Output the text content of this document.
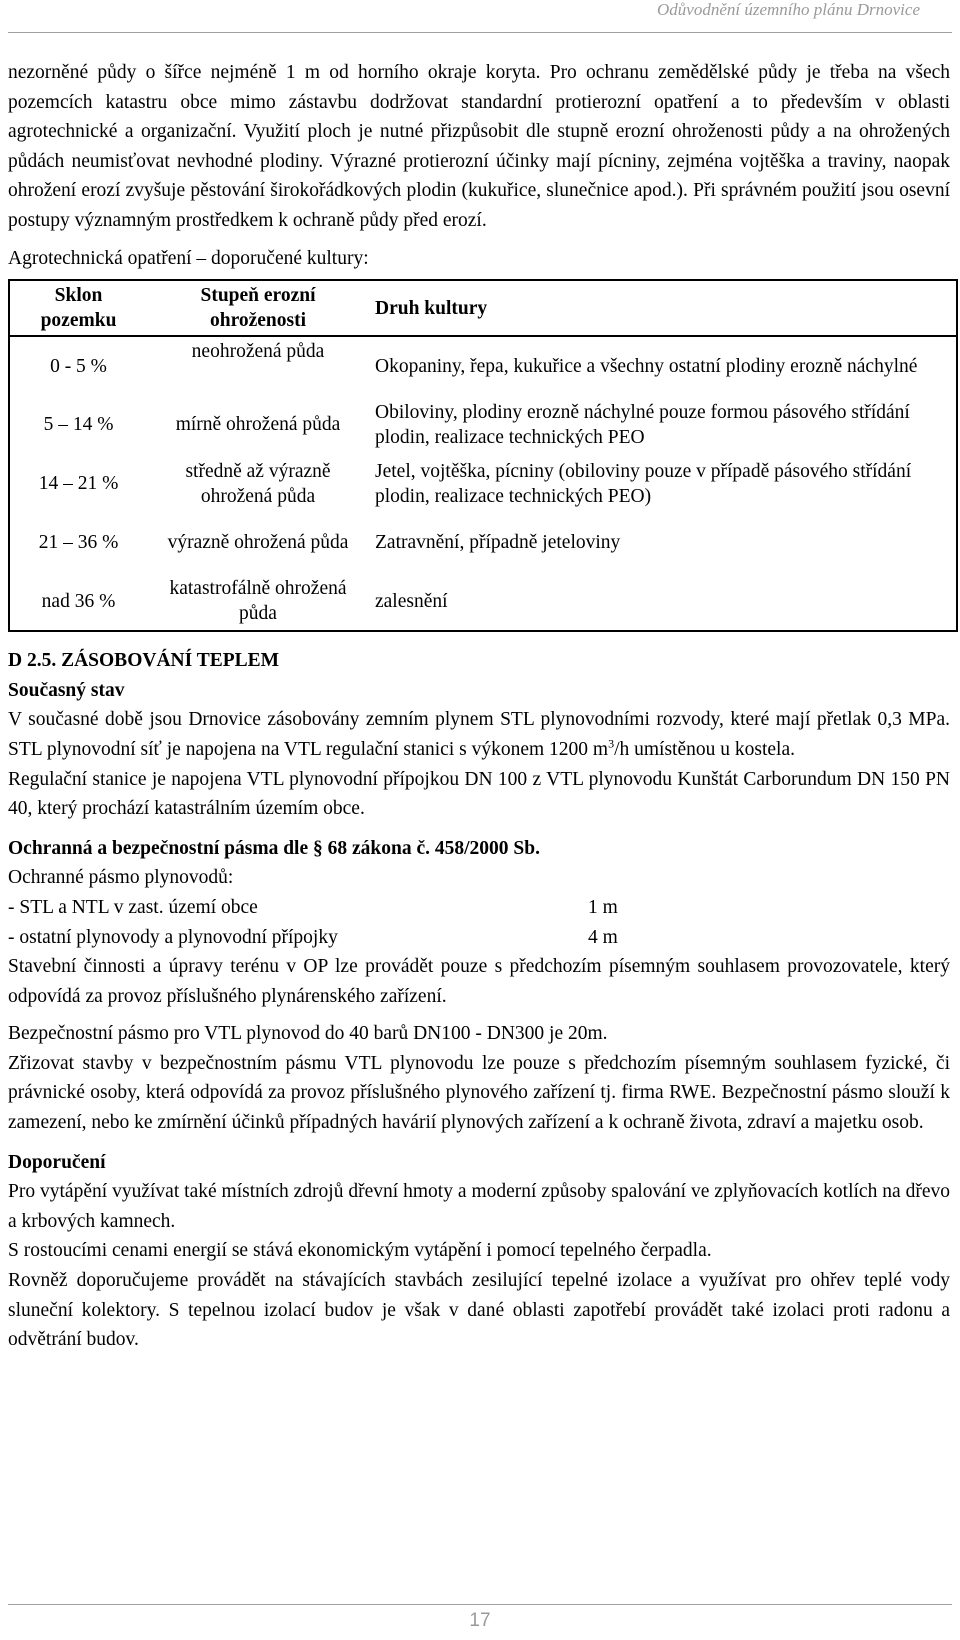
Odůvodnění územního plánu Drnovice

nezorněné půdy o šířce nejméně 1 m od horního okraje koryta. Pro ochranu zemědělské půdy je třeba na všech pozemcích katastru obce mimo zástavbu dodržovat standardní protierozní opatření a to především v oblasti agrotechnické a organizační. Využití ploch je nutné přizpůsobit dle stupně erozní ohroženosti půdy a na ohrožených půdách neumisťovat nevhodné plodiny. Výrazné protierozní účinky mají pícniny, zejména vojtěška a traviny, naopak ohrožení erozí zvyšuje pěstování širokořádkových plodin (kukuřice, slunečnice apod.). Při správném použití jsou osevní postupy významným prostředkem k ochraně půdy před erozí.

Agrotechnická opatření – doporučené kultury:

Sklon pozemku	Stupeň erozní ohroženosti	Druh kultury
0 - 5 %	neohrožená půda	Okopaniny, řepa, kukuřice a všechny ostatní plodiny erozně náchylné
5 – 14 %	mírně ohrožená půda	Obiloviny, plodiny erozně náchylné pouze formou pásového střídání plodin, realizace technických PEO
14 – 21 %	středně až výrazně ohrožená půda	Jetel, vojtěška, pícniny (obiloviny pouze v případě pásového střídání plodin, realizace technických PEO)
21 – 36 %	výrazně ohrožená půda	Zatravnění, případně jeteloviny
nad 36 %	katastrofálně ohrožená půda	zalesnění

D 2.5. ZÁSOBOVÁNÍ TEPLEM

Současný stav

V současné době jsou Drnovice zásobovány zemním plynem STL plynovodními rozvody, které mají přetlak 0,3 MPa. STL plynovodní síť je napojena na VTL regulační stanici s výkonem 1200 $m^3/h$ umístěnou u kostela.

Regulační stanice je napojena VTL plynovodní přípojkou DN 100 z VTL plynovodu Kunštát Carborundum DN 150 PN 40, který prochází katastrálním územím obce.

Ochranná a bezpečnostní pásma dle § 68 zákona č. 458/2000 Sb.

Ochranné pásmo plynovodů:

- STL a NTL v zast. území obce	1 m
- ostatní plynovody a plynovodní přípojky	4 m

Stavební činnosti a úpravy terénu v OP lze provádět pouze s předchozím písemným souhlasem provozovatele, který odpovídá za provoz příslušného plynárenského zařízení.

Bezpečnostní pásmo pro VTL plynovod do 40 barů DN100 - DN300 je 20m.

Zřizovat stavby v bezpečnostním pásmu VTL plynovodu lze pouze s předchozím písemným souhlasem fyzické, či právnické osoby, která odpovídá za provoz příslušného plynového zařízení tj. firma RWE. Bezpečnostní pásmo slouží k zamezení, nebo ke zmírnění účinků případných havárií plynových zařízení a k ochraně života, zdraví a majetku osob.

Doporučení

Pro vytápění využívat také místních zdrojů dřevní hmoty a moderní způsoby spalování ve zplyňovacích kotlích na dřevo a krbových kamnech.

S rostoucími cenami energií se stává ekonomickým vytápění i pomocí tepelného čerpadla.

Rovněž doporučujeme provádět na stávajících stavbách zesilující tepelné izolace a využívat pro ohřev teplé vody sluneční kolektory. S tepelnou izolací budov je však v dané oblasti zapotřebí provádět také izolaci proti radonu a odvětrání budov.

17
